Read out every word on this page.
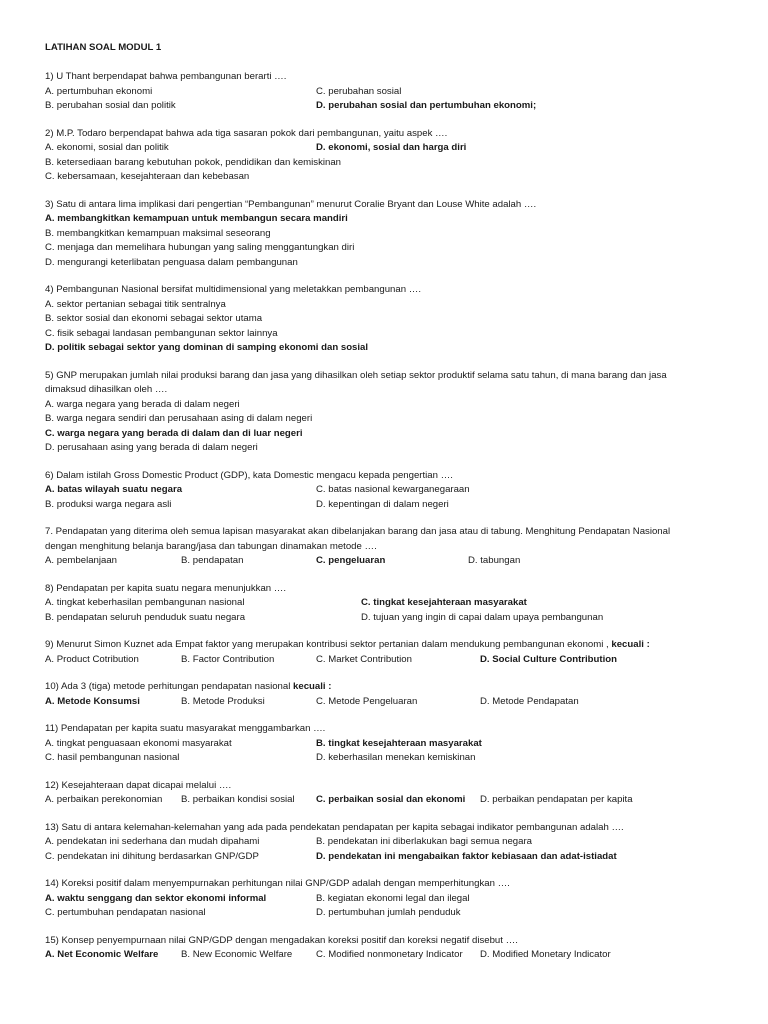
LATIHAN SOAL MODUL 1
1) U Thant berpendapat bahwa pembangunan berarti ….
A. pertumbuhan ekonomi	C. perubahan sosial
B. perubahan sosial dan politik	D. perubahan sosial dan pertumbuhan ekonomi;
2) M.P. Todaro berpendapat bahwa ada tiga sasaran pokok dari pembangunan, yaitu aspek ….
A. ekonomi, sosial dan politik	D. ekonomi, sosial dan harga diri
B. ketersediaan barang kebutuhan pokok, pendidikan dan kemiskinan
C. kebersamaan, kesejahteraan dan kebebasan
3) Satu di antara lima implikasi dari pengertian “Pembangunan” menurut Coralie Bryant dan Louse White adalah ….
A. membangkitkan kemampuan untuk membangun secara mandiri
B. membangkitkan kemampuan maksimal seseorang
C. menjaga dan memelihara hubungan yang saling menggantungkan diri
D. mengurangi keterlibatan penguasa dalam pembangunan
4) Pembangunan Nasional bersifat multidimensional yang meletakkan pembangunan ….
A. sektor pertanian sebagai titik sentralnya
B. sektor sosial dan ekonomi sebagai sektor utama
C. fisik sebagai landasan pembangunan sektor lainnya
D. politik sebagai sektor yang dominan di samping ekonomi dan sosial
5) GNP merupakan jumlah nilai produksi barang dan jasa yang dihasilkan oleh setiap sektor produktif selama satu tahun, di mana barang dan jasa
dimaksud dihasilkan oleh ….
A. warga negara yang berada di dalam negeri
B. warga negara sendiri dan perusahaan asing di dalam negeri
C. warga negara yang berada di dalam dan di luar negeri
D. perusahaan asing yang berada di dalam negeri
6) Dalam istilah Gross Domestic Product (GDP), kata Domestic mengacu kepada pengertian ….
A. batas wilayah suatu negara	C. batas nasional kewarganegaraan
B. produksi warga negara asli	D. kepentingan di dalam negeri
7. Pendapatan yang diterima oleh semua lapisan masyarakat akan dibelanjakan barang dan jasa atau di tabung. Menghitung Pendapatan Nasional
dengan menghitung belanja barang/jasa dan tabungan dinamakan metode ….
A. pembelanjaan	B. pendapatan	C. pengeluaran	D. tabungan
8) Pendapatan per kapita suatu negara menunjukkan ….
A. tingkat keberhasilan pembangunan nasional	C. tingkat kesejahteraan masyarakat
B. pendapatan seluruh penduduk suatu negara	D. tujuan yang ingin di capai dalam upaya pembangunan
9) Menurut Simon Kuznet ada Empat faktor yang merupakan kontribusi sektor pertanian dalam mendukung pembangunan ekonomi , kecuali :
A. Product Cotribution	B. Factor Contribution	C. Market Contribution	D. Social Culture Contribution
10) Ada 3 (tiga) metode perhitungan pendapatan nasional kecuali :
A. Metode Konsumsi	B. Metode Produksi	C. Metode Pengeluaran	D. Metode Pendapatan
11) Pendapatan per kapita suatu masyarakat menggambarkan ….
A. tingkat penguasaan ekonomi masyarakat	B. tingkat kesejahteraan masyarakat
C. hasil pembangunan nasional	D. keberhasilan menekan kemiskinan
12) Kesejahteraan dapat dicapai melalui ….
A. perbaikan perekonomian B. perbaikan kondisi sosial C. perbaikan sosial dan ekonomi D. perbaikan pendapatan per kapita
13) Satu di antara kelemahan-kelemahan yang ada pada pendekatan pendapatan per kapita sebagai indikator pembangunan adalah ….
A. pendekatan ini sederhana dan mudah dipahami	B. pendekatan ini diberlakukan bagi semua negara
C. pendekatan ini dihitung berdasarkan GNP/GDP	D. pendekatan ini mengabaikan faktor kebiasaan dan adat-istiadat
14) Koreksi positif dalam menyempurnakan perhitungan nilai GNP/GDP adalah dengan memperhitungkan ….
A. waktu senggang dan sektor ekonomi informal	B. kegiatan ekonomi legal dan ilegal
C. pertumbuhan pendapatan nasional	D. pertumbuhan jumlah penduduk
15) Konsep penyempurnaan nilai GNP/GDP dengan mengadakan koreksi positif dan koreksi negatif disebut ….
A. Net Economic Welfare B. New Economic Welfare C. Modified nonmonetary Indicator D. Modified Monetary Indicator
